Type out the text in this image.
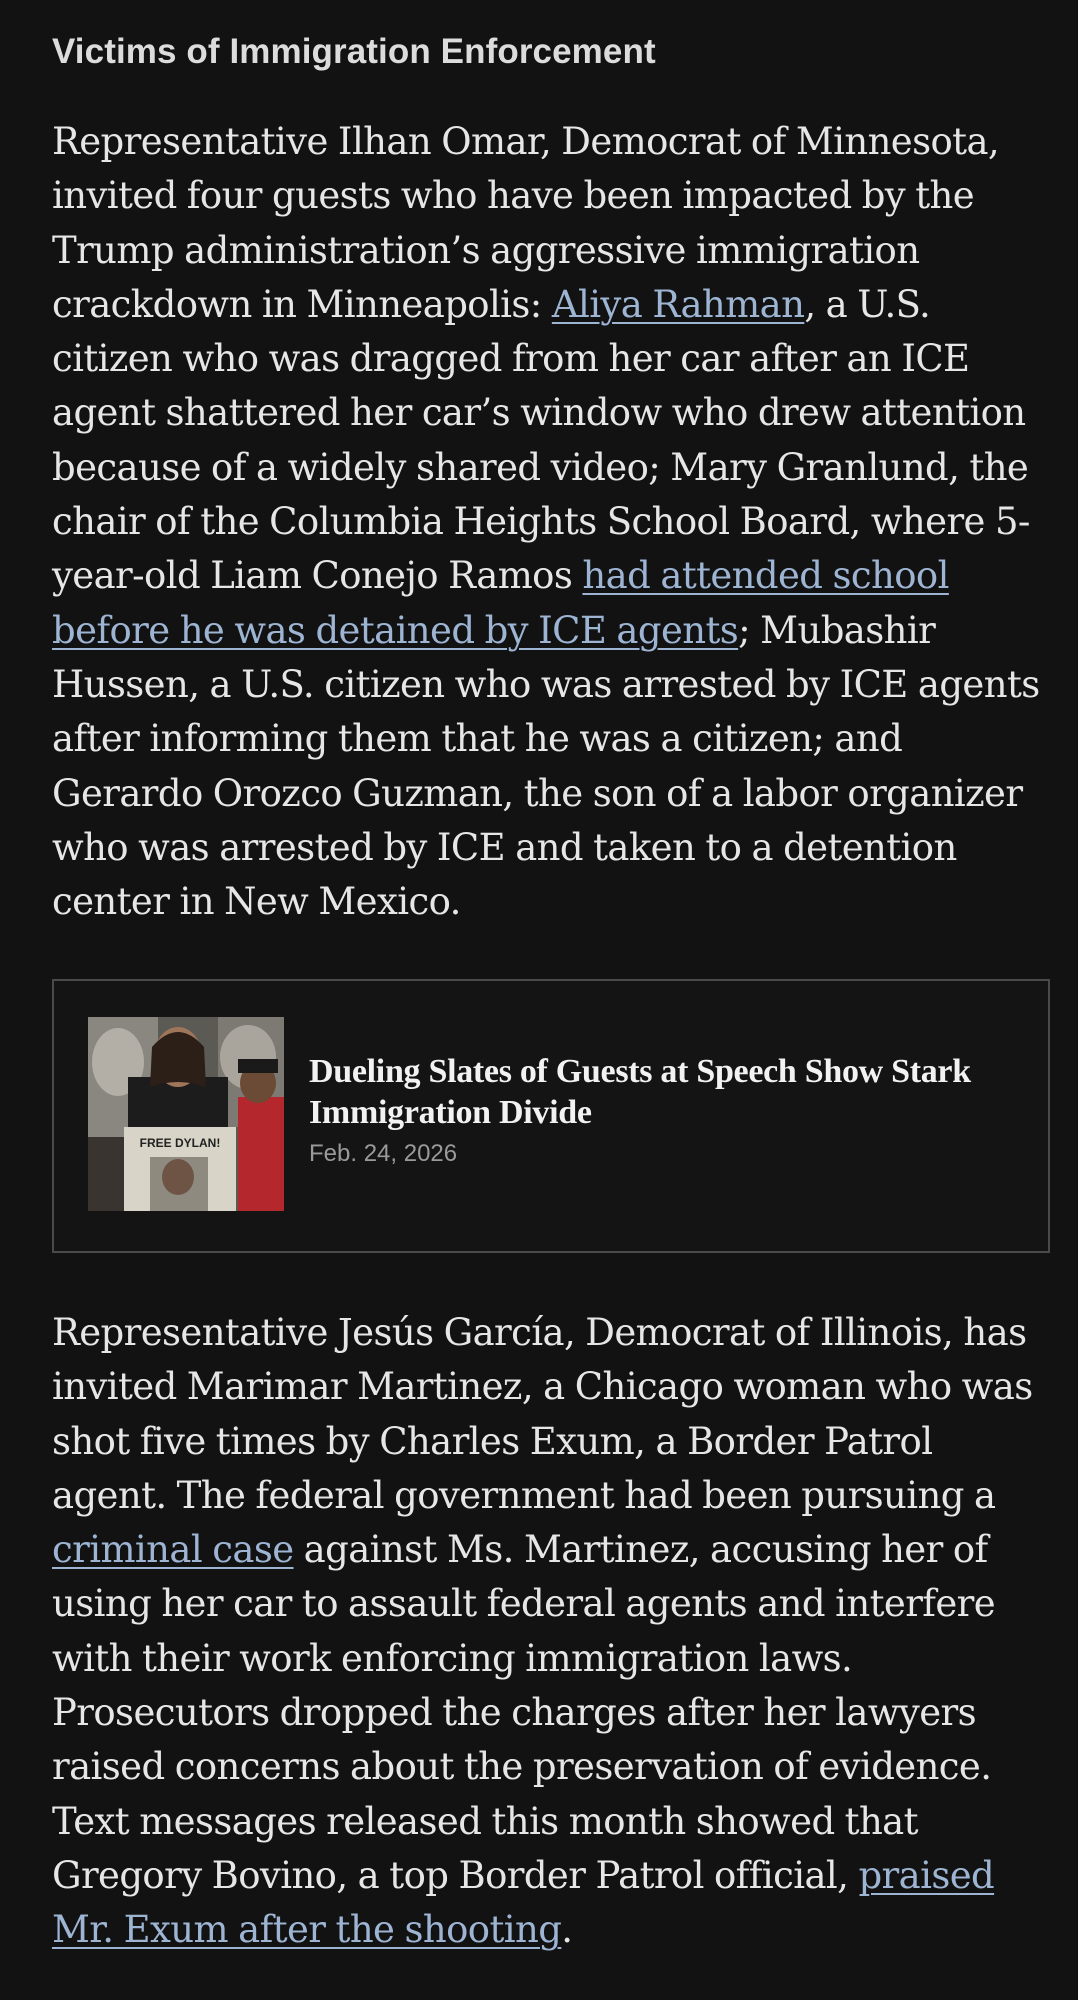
Victims of Immigration Enforcement

Representative Ilhan Omar, Democrat of Minnesota, invited four guests who have been impacted by the Trump administration’s aggressive immigration crackdown in Minneapolis: Aliya Rahman, a U.S. citizen who was dragged from her car after an ICE agent shattered her car’s window who drew attention because of a widely shared video; Mary Granlund, the chair of the Columbia Heights School Board, where 5-year-old Liam Conejo Ramos had attended school before he was detained by ICE agents; Mubashir Hussen, a U.S. citizen who was arrested by ICE agents after informing them that he was a citizen; and Gerardo Orozco Guzman, the son of a labor organizer who was arrested by ICE and taken to a detention center in New Mexico.

FREE DYLAN!
Dueling Slates of Guests at Speech Show Stark Immigration Divide
Feb. 24, 2026

Representative Jesús García, Democrat of Illinois, has invited Marimar Martinez, a Chicago woman who was shot five times by Charles Exum, a Border Patrol agent. The federal government had been pursuing a criminal case against Ms. Martinez, accusing her of using her car to assault federal agents and interfere with their work enforcing immigration laws. Prosecutors dropped the charges after her lawyers raised concerns about the preservation of evidence. Text messages released this month showed that Gregory Bovino, a top Border Patrol official, praised Mr. Exum after the shooting.
